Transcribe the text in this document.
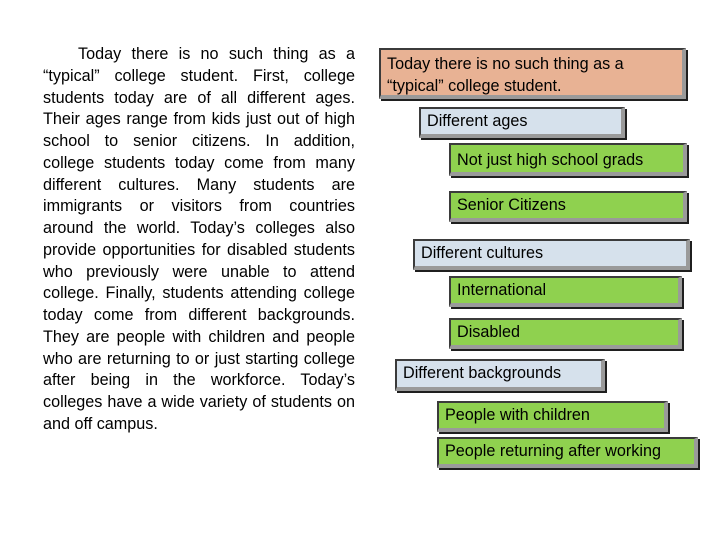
Today there is no such thing as a “typical” college student. First, college students today are of all different ages. Their ages range from kids just out of high school to senior citizens. In addition, college students today come from many different cultures. Many students are immigrants or visitors from countries around the world. Today’s colleges also provide opportunities for disabled students who previously were unable to attend college. Finally, students attending college today come from different backgrounds. They are people with children and people who are returning to or just starting college after being in the workforce. Today’s colleges have a wide variety of students on and off campus.

Today there is no such thing as a “typical” college student.
Different ages
Not just high school grads
Senior Citizens
Different cultures
International
Disabled
Different backgrounds
People with children
People returning after working
